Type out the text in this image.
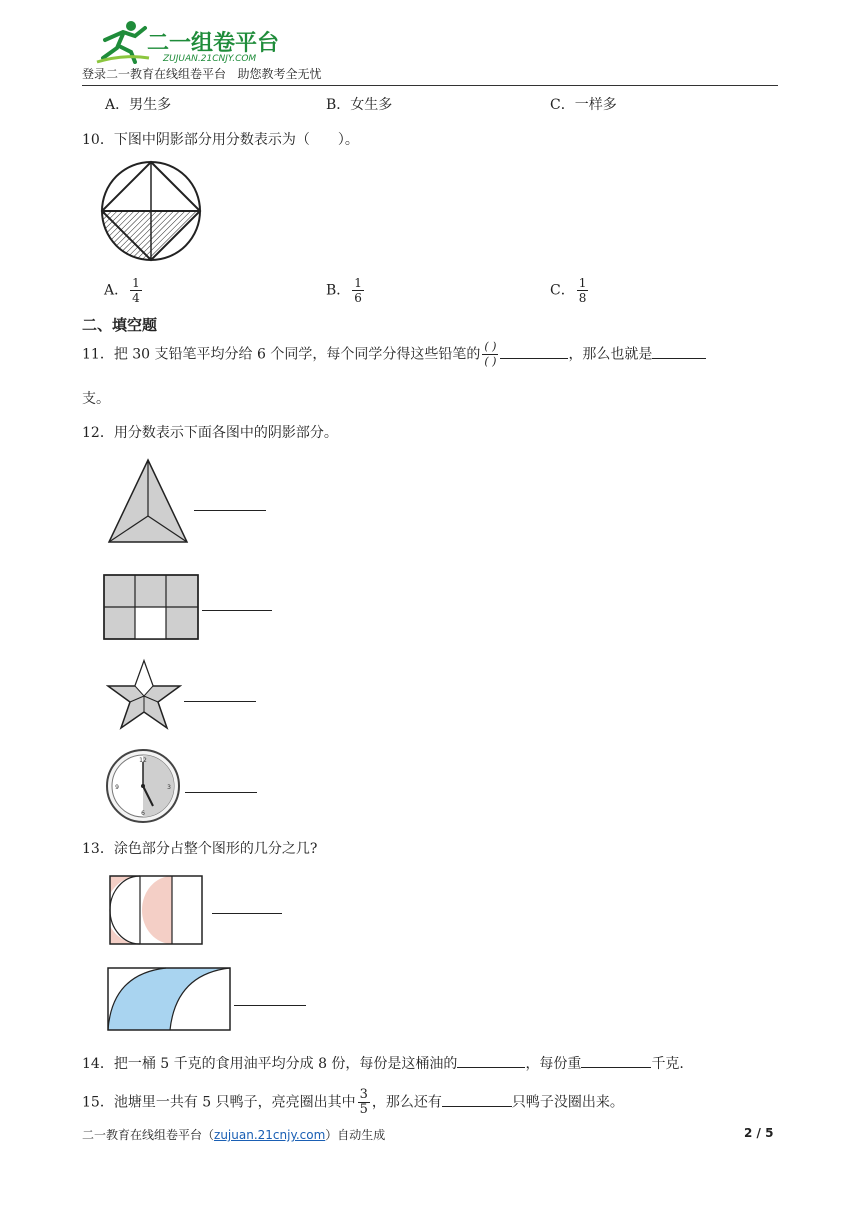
二一组卷平台
ZUJUAN.21CNJY.COM
登录二一教育在线组卷平台   助您教考全无忧
A．男生多	B．女生多	C．一样多
10．下图中阴影部分用分数表示为（　　）。
A． $\frac{1}{4}$	B． $\frac{1}{6}$	C． $\frac{1}{8}$
二、填空题
11．把 30 支铅笔平均分给 6 个同学，每个同学分得这些铅笔的 $\frac{( )}{( )}$	，那么也就是
支。
12．用分数表示下面各图中的阴影部分。
12
3
6
9
13．涂色部分占整个图形的几分之几?
14．把一桶 5 千克的食用油平均分成 8 份，每份是这桶油的	，每份重	千克.
15．池塘里一共有 5 只鸭子，亮亮圈出其中 $\frac{3}{5}$ ，那么还有	只鸭子没圈出来。
二一教育在线组卷平台（zujuan.21cnjy.com）自动生成	2 / 5
